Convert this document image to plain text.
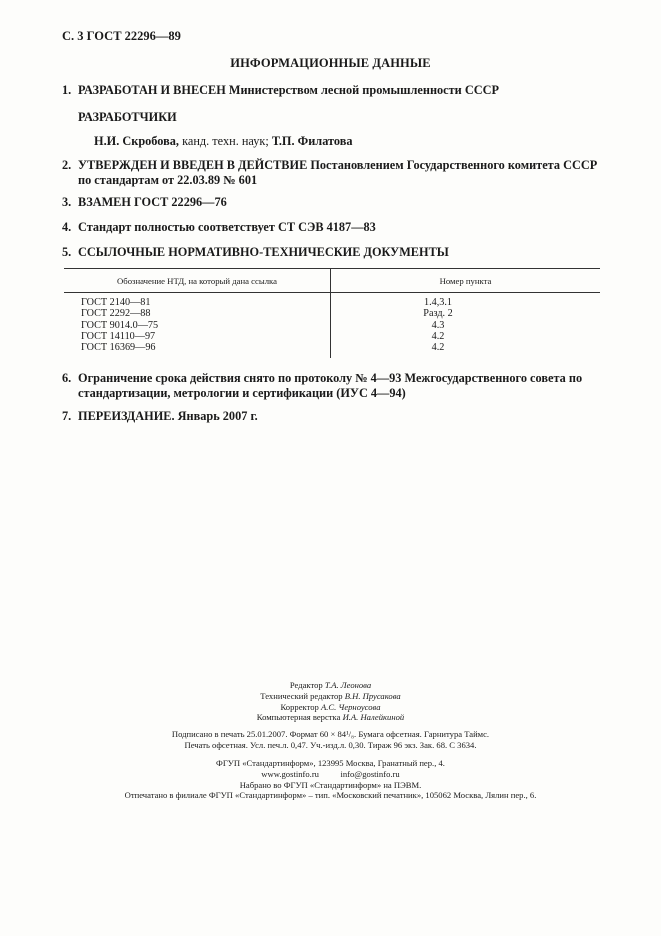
С. 3 ГОСТ 22296—89
ИНФОРМАЦИОННЫЕ ДАННЫЕ
1. РАЗРАБОТАН И ВНЕСЕН Министерством лесной промышленности СССР
РАЗРАБОТЧИКИ
Н.И. Скробова, канд. техн. наук; Т.П. Филатова
2. УТВЕРЖДЕН И ВВЕДЕН В ДЕЙСТВИЕ Постановлением Государственного комитета СССР по стандартам от 22.03.89 № 601
3. ВЗАМЕН ГОСТ 22296—76
4. Стандарт полностью соответствует СТ СЭВ 4187—83
5. ССЫЛОЧНЫЕ НОРМАТИВНО-ТЕХНИЧЕСКИЕ ДОКУМЕНТЫ
Обозначение НТД, на который дана ссылка	Номер пункта
ГОСТ 2140—81	1.4,3.1
ГОСТ 2292—88	Разд. 2
ГОСТ 9014.0—75	4.3
ГОСТ 14110—97	4.2
ГОСТ 16369—96	4.2
6. Ограничение срока действия снято по протоколу № 4—93 Межгосударственного совета по стандартизации, метрологии и сертификации (ИУС 4—94)
7. ПЕРЕИЗДАНИЕ. Январь 2007 г.
Редактор Т.А. Леонова
Технический редактор В.Н. Прусакова
Корректор А.С. Черноусова
Компьютерная верстка И.А. Налейкиной
Подписано в печать 25.01.2007. Формат 60 × 84¹/₈. Бумага офсетная. Гарнитура Таймс.
Печать офсетная. Усл. печ.л. 0,47. Уч.-изд.л. 0,30. Тираж 96 экз. Зак. 68. С 3634.
ФГУП «Стандартинформ», 123995 Москва, Гранатный пер., 4.
www.gostinfo.ru          info@gostinfo.ru
Набрано во ФГУП «Стандартинформ» на ПЭВМ.
Отпечатано в филиале ФГУП «Стандартинформ» – тип. «Московский печатник», 105062 Москва, Лялин пер., 6.
